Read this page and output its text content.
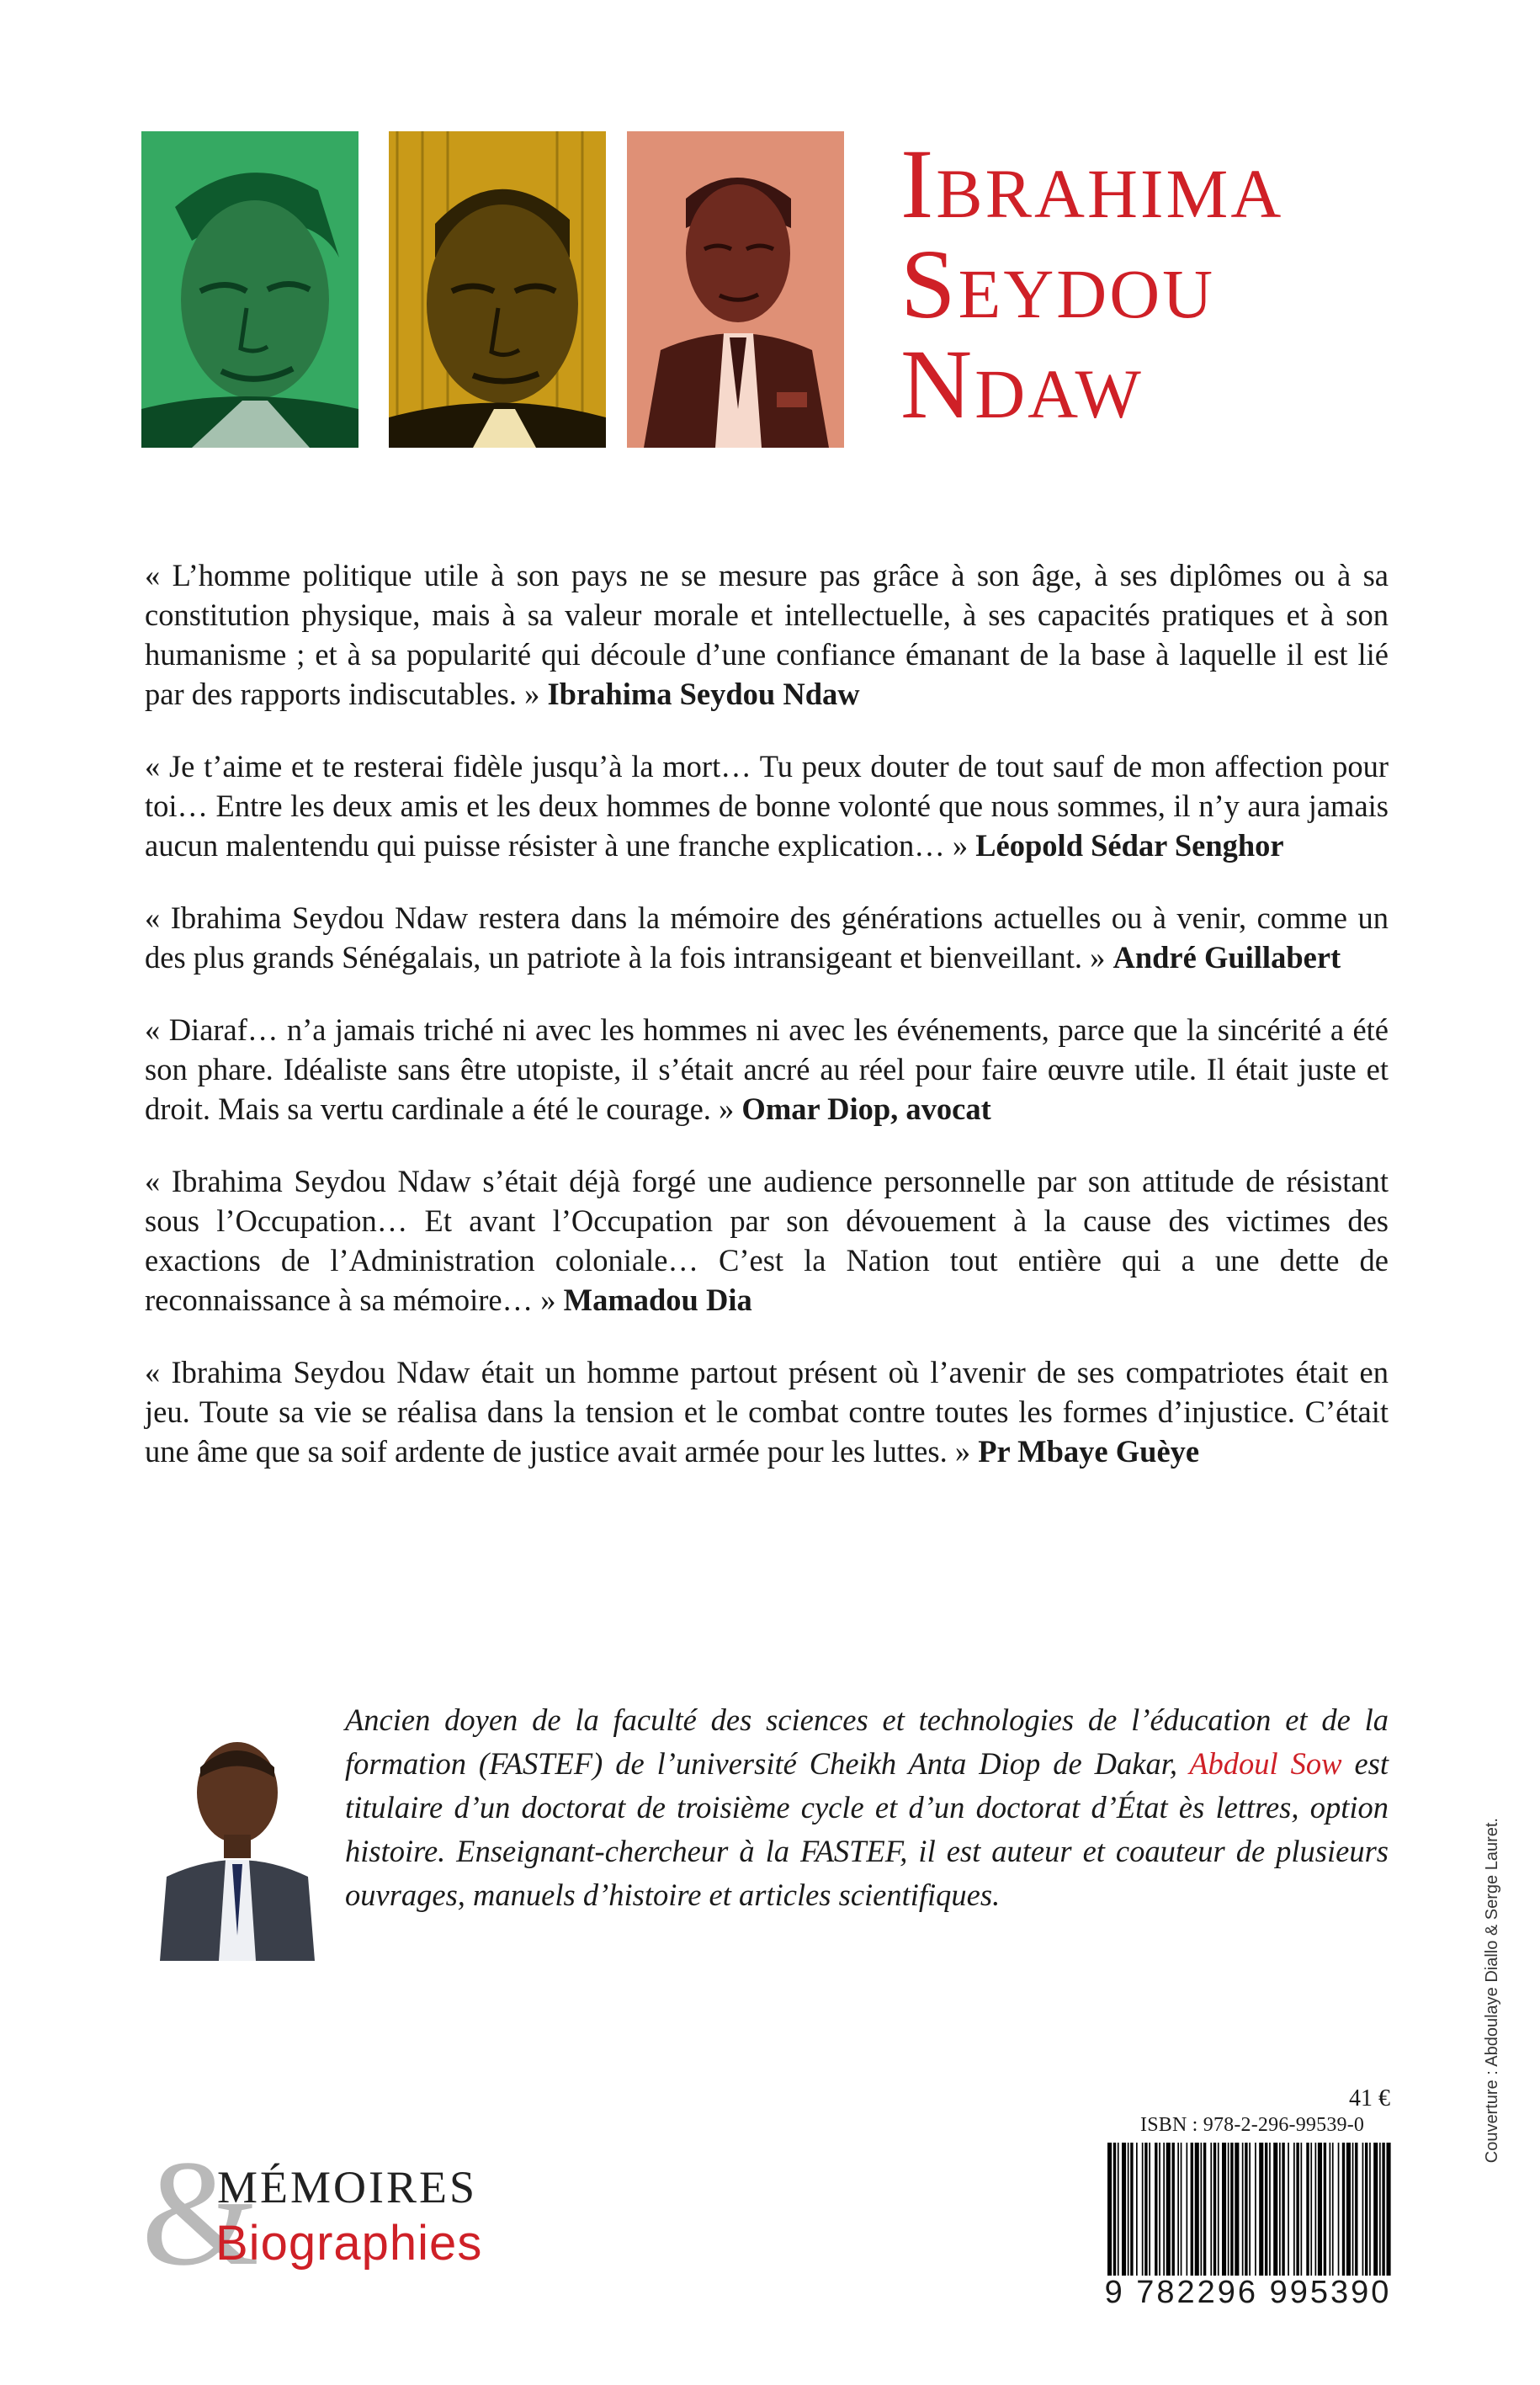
Ibrahima
Seydou
Ndaw

« L’homme politique utile à son pays ne se mesure pas grâce à son âge, à ses diplômes ou à sa constitution physique, mais à sa valeur morale et intellectuelle, à ses capacités pratiques et à son humanisme ; et à sa popularité qui découle d’une confiance émanant de la base à laquelle il est lié par des rapports indiscutables. » Ibrahima Seydou Ndaw

« Je t’aime et te resterai fidèle jusqu’à la mort… Tu peux douter de tout sauf de mon affection pour toi… Entre les deux amis et les deux hommes de bonne volonté que nous sommes, il n’y aura jamais aucun malentendu qui puisse résister à une franche explication… » Léopold Sédar Senghor

« Ibrahima Seydou Ndaw restera dans la mémoire des générations actuelles ou à venir, comme un des plus grands Sénégalais, un patriote à la fois intransigeant et bienveillant. » André Guillabert

« Diaraf… n’a jamais triché ni avec les hommes ni avec les événements, parce que la sincérité a été son phare. Idéaliste sans être utopiste, il s’était ancré au réel pour faire œuvre utile. Il était juste et droit. Mais sa vertu cardinale a été le courage. » Omar Diop, avocat

« Ibrahima Seydou Ndaw s’était déjà forgé une audience personnelle par son attitude de résistant sous l’Occupation… Et avant l’Occupation par son dévouement à la cause des victimes des exactions de l’Administration coloniale… C’est la Nation tout entière qui a une dette de reconnaissance à sa mémoire… » Mamadou Dia

« Ibrahima Seydou Ndaw était un homme partout présent où l’avenir de ses compatriotes était en jeu. Toute sa vie se réalisa dans la tension et le combat contre toutes les formes d’injustice. C’était une âme que sa soif ardente de justice avait armée pour les luttes. » Pr Mbaye Guèye

Ancien doyen de la faculté des sciences et technologies de l’éducation et de la formation (FASTEF) de l’université Cheikh Anta Diop de Dakar, Abdoul Sow est titulaire d’un doctorat de troisième cycle et d’un doctorat d’État ès lettres, option histoire. Enseignant-chercheur à la FASTEF, il est auteur et coauteur de plusieurs ouvrages, manuels d’histoire et articles scientifiques.
&
MÉMOIRES
Biographies
41 €
ISBN : 978-2-296-99539-0
9 782296 995390
Couverture : Abdoulaye Diallo & Serge Lauret.
